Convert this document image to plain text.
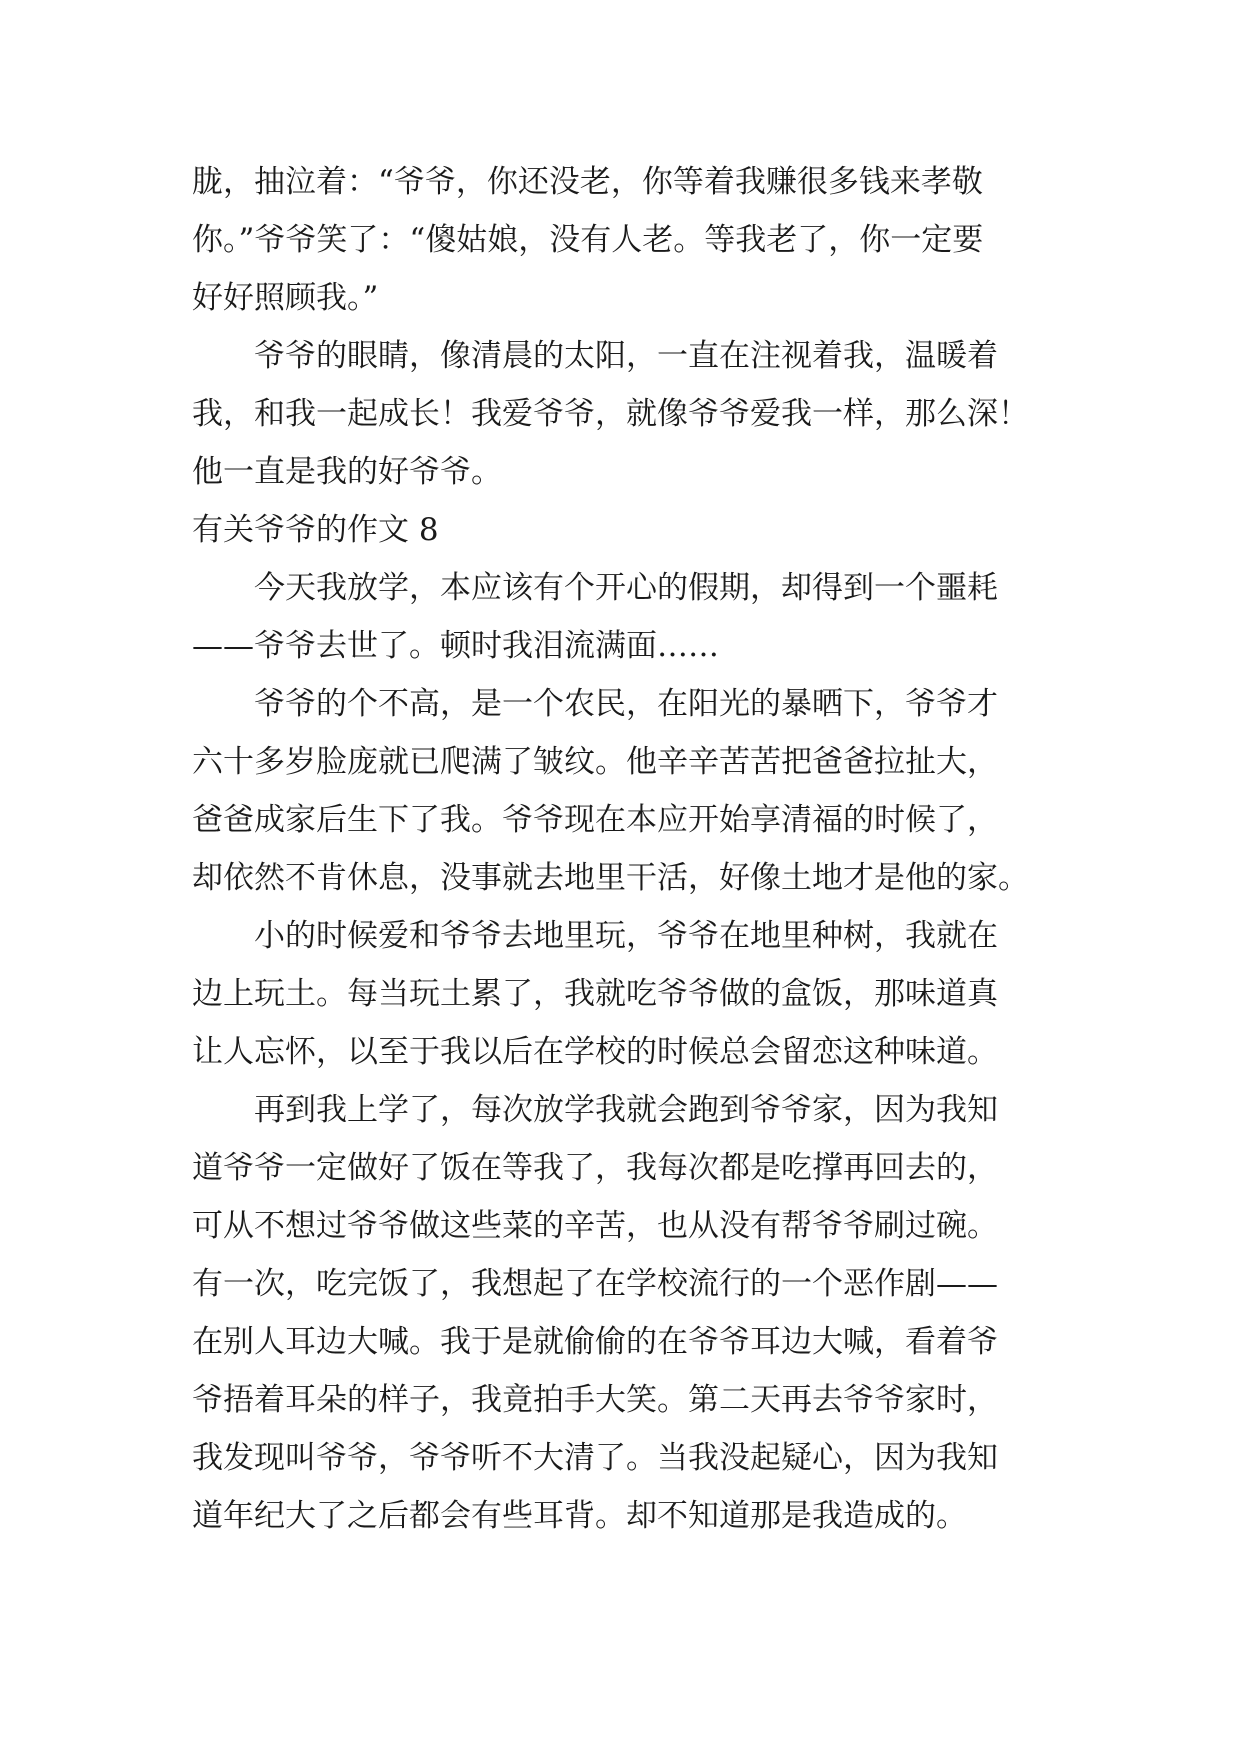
胧，抽泣着：“爷爷，你还没老，你等着我赚很多钱来孝敬
你。”爷爷笑了：“傻姑娘，没有人老。等我老了，你一定要
好好照顾我。”
爷爷的眼睛，像清晨的太阳，一直在注视着我，温暖着
我，和我一起成长！我爱爷爷，就像爷爷爱我一样，那么深！
他一直是我的好爷爷。
有关爷爷的作文 8
今天我放学，本应该有个开心的假期，却得到一个噩耗
——爷爷去世了。顿时我泪流满面……
爷爷的个不高，是一个农民，在阳光的暴晒下，爷爷才
六十多岁脸庞就已爬满了皱纹。他辛辛苦苦把爸爸拉扯大，
爸爸成家后生下了我。爷爷现在本应开始享清福的时候了，
却依然不肯休息，没事就去地里干活，好像土地才是他的家。
小的时候爱和爷爷去地里玩，爷爷在地里种树，我就在
边上玩土。每当玩土累了，我就吃爷爷做的盒饭，那味道真
让人忘怀，以至于我以后在学校的时候总会留恋这种味道。
再到我上学了，每次放学我就会跑到爷爷家，因为我知
道爷爷一定做好了饭在等我了，我每次都是吃撑再回去的，
可从不想过爷爷做这些菜的辛苦，也从没有帮爷爷刷过碗。
有一次，吃完饭了，我想起了在学校流行的一个恶作剧——
在别人耳边大喊。我于是就偷偷的在爷爷耳边大喊，看着爷
爷捂着耳朵的样子，我竟拍手大笑。第二天再去爷爷家时，
我发现叫爷爷，爷爷听不大清了。当我没起疑心，因为我知
道年纪大了之后都会有些耳背。却不知道那是我造成的。
